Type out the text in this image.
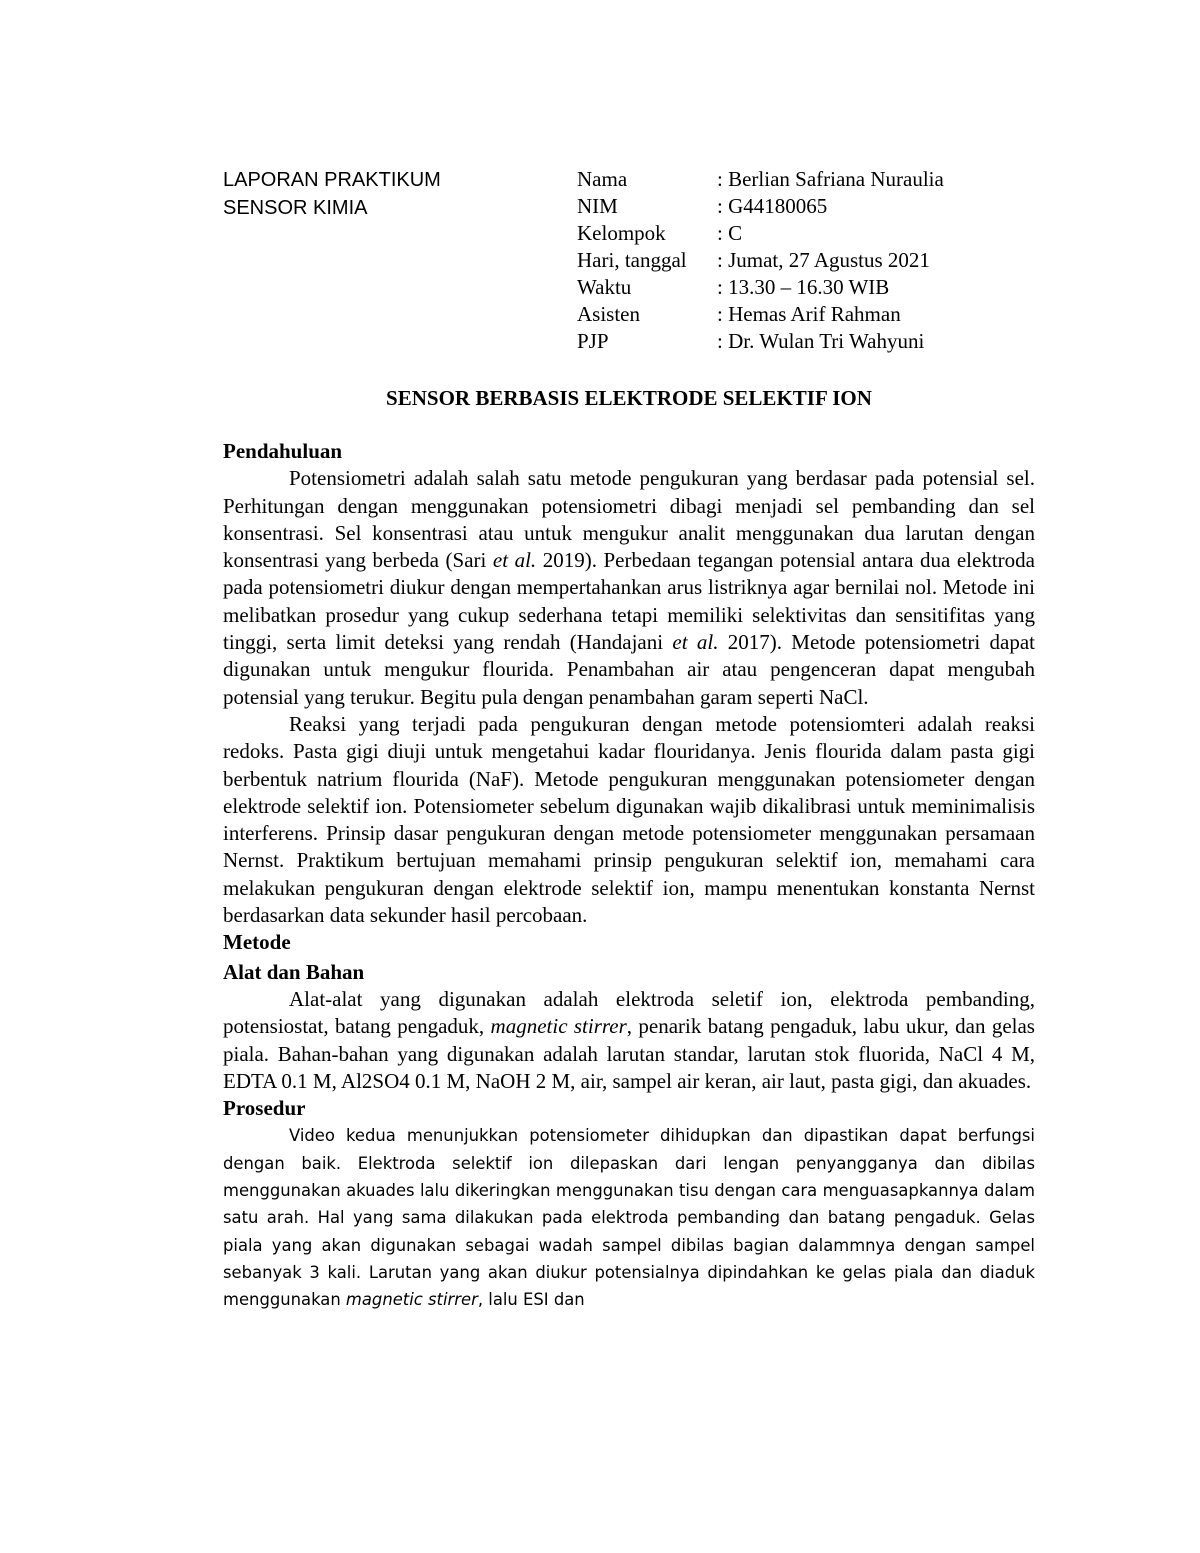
LAPORAN PRAKTIKUM
SENSOR KIMIA
Nama	: Berlian Safriana Nuraulia
NIM	: G44180065
Kelompok	: C
Hari, tanggal	: Jumat, 27 Agustus 2021
Waktu	: 13.30 – 16.30 WIB
Asisten	: Hemas Arif Rahman
PJP	: Dr. Wulan Tri Wahyuni
SENSOR BERBASIS ELEKTRODE SELEKTIF ION
Pendahuluan

Potensiometri adalah salah satu metode pengukuran yang berdasar pada potensial sel. Perhitungan dengan menggunakan potensiometri dibagi menjadi sel pembanding dan sel konsentrasi. Sel konsentrasi atau untuk mengukur analit menggunakan dua larutan dengan konsentrasi yang berbeda (Sari et al. 2019). Perbedaan tegangan potensial antara dua elektroda pada potensiometri diukur dengan mempertahankan arus listriknya agar bernilai nol. Metode ini melibatkan prosedur yang cukup sederhana tetapi memiliki selektivitas dan sensitifitas yang tinggi, serta limit deteksi yang rendah (Handajani et al. 2017). Metode potensiometri dapat digunakan untuk mengukur flourida. Penambahan air atau pengenceran dapat mengubah potensial yang terukur. Begitu pula dengan penambahan garam seperti NaCl.

Reaksi yang terjadi pada pengukuran dengan metode potensiomteri adalah reaksi redoks. Pasta gigi diuji untuk mengetahui kadar flouridanya. Jenis flourida dalam pasta gigi berbentuk natrium flourida (NaF). Metode pengukuran menggunakan potensiometer dengan elektrode selektif ion. Potensiometer sebelum digunakan wajib dikalibrasi untuk meminimalisis interferens. Prinsip dasar pengukuran dengan metode potensiometer menggunakan persamaan Nernst. Praktikum bertujuan memahami prinsip pengukuran selektif ion, memahami cara melakukan pengukuran dengan elektrode selektif ion, mampu menentukan konstanta Nernst berdasarkan data sekunder hasil percobaan.

Metode
Alat dan Bahan

Alat-alat yang digunakan adalah elektroda seletif ion, elektroda pembanding, potensiostat, batang pengaduk, magnetic stirrer, penarik batang pengaduk, labu ukur, dan gelas piala. Bahan-bahan yang digunakan adalah larutan standar, larutan stok fluorida, NaCl 4 M, EDTA 0.1 M, Al2SO4 0.1 M, NaOH 2 M, air, sampel air keran, air laut, pasta gigi, dan akuades.

Prosedur

Video kedua menunjukkan potensiometer dihidupkan dan dipastikan dapat berfungsi dengan baik. Elektroda selektif ion dilepaskan dari lengan penyangganya dan dibilas menggunakan akuades lalu dikeringkan menggunakan tisu dengan cara menguasapkannya dalam satu arah. Hal yang sama dilakukan pada elektroda pembanding dan batang pengaduk. Gelas piala yang akan digunakan sebagai wadah sampel dibilas bagian dalammnya dengan sampel sebanyak 3 kali. Larutan yang akan diukur potensialnya dipindahkan ke gelas piala dan diaduk menggunakan magnetic stirrer, lalu ESI dan
